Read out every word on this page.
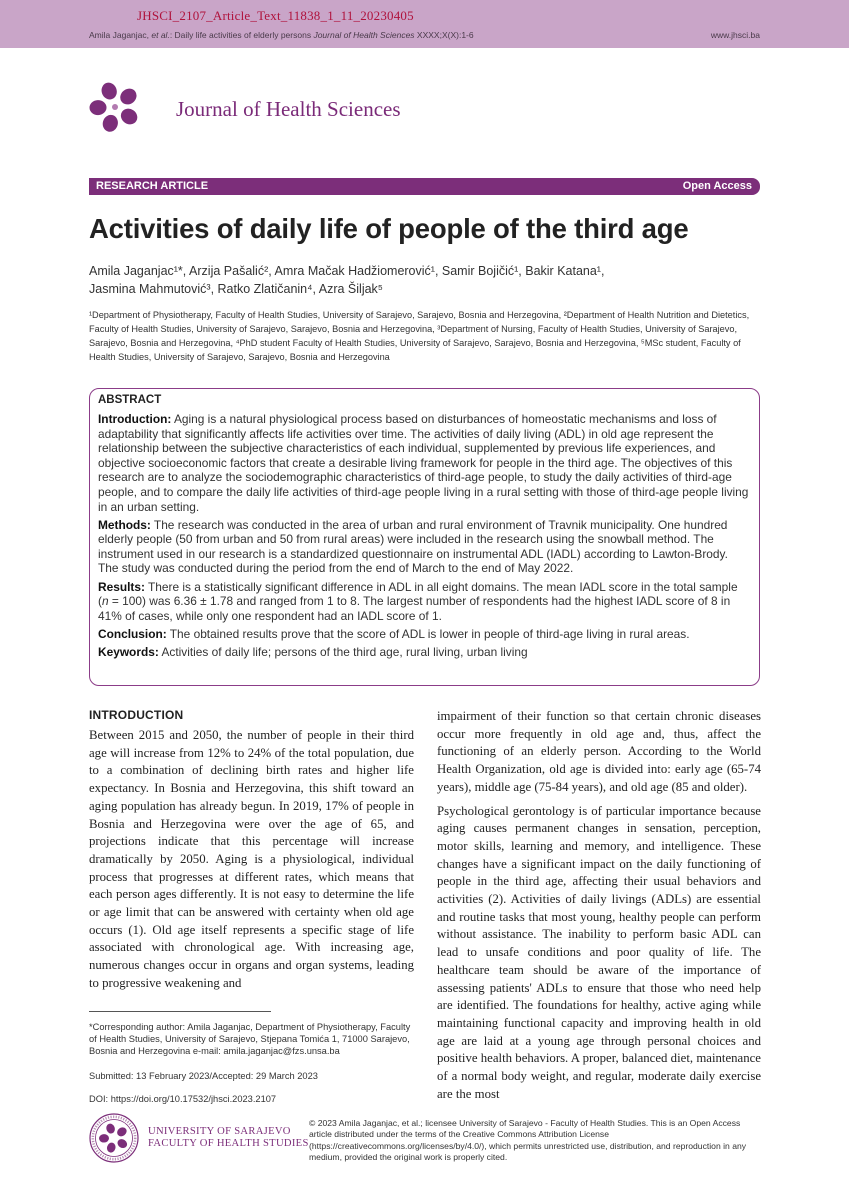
JHSCI_2107_Article_Text_11838_1_11_20230405
Amila Jaganjac, et al.: Daily life activities of elderly persons Journal of Health Sciences XXXX;X(X):1-6	www.jhsci.ba
Journal of Health Sciences
RESEARCH ARTICLE	Open Access
Activities of daily life of people of the third age
Amila Jaganjac¹*, Arzija Pašalić², Amra Mačak Hadžiomerović¹, Samir Bojičić¹, Bakir Katana¹,
Jasmina Mahmutović³, Ratko Zlatičanin⁴, Azra Šiljak⁵
¹Department of Physiotherapy, Faculty of Health Studies, University of Sarajevo, Sarajevo, Bosnia and Herzegovina, ²Department of Health Nutrition and Dietetics, Faculty of Health Studies, University of Sarajevo, Sarajevo, Bosnia and Herzegovina, ³Department of Nursing, Faculty of Health Studies, University of Sarajevo, Sarajevo, Bosnia and Herzegovina, ⁴PhD student Faculty of Health Studies, University of Sarajevo, Sarajevo, Bosnia and Herzegovina, ⁵MSc student, Faculty of Health Studies, University of Sarajevo, Sarajevo, Bosnia and Herzegovina
ABSTRACT

Introduction: Aging is a natural physiological process based on disturbances of homeostatic mechanisms and loss of adaptability that significantly affects life activities over time. The activities of daily living (ADL) in old age represent the relationship between the subjective characteristics of each individual, supplemented by previous life experiences, and objective socioeconomic factors that create a desirable living framework for people in the third age. The objectives of this research are to analyze the sociodemographic characteristics of third-age people, to study the daily activities of third-age people, and to compare the daily life activities of third-age people living in a rural setting with those of third-age people living in an urban setting.

Methods: The research was conducted in the area of urban and rural environment of Travnik municipality. One hundred elderly people (50 from urban and 50 from rural areas) were included in the research using the snowball method. The instrument used in our research is a standardized questionnaire on instrumental ADL (IADL) according to Lawton-Brody. The study was conducted during the period from the end of March to the end of May 2022.

Results: There is a statistically significant difference in ADL in all eight domains. The mean IADL score in the total sample (n = 100) was 6.36 ± 1.78 and ranged from 1 to 8. The largest number of respondents had the highest IADL score of 8 in 41% of cases, while only one respondent had an IADL score of 1.

Conclusion: The obtained results prove that the score of ADL is lower in people of third-age living in rural areas.

Keywords: Activities of daily life; persons of the third age, rural living, urban living

INTRODUCTION

Between 2015 and 2050, the number of people in their third age will increase from 12% to 24% of the total population, due to a combination of declining birth rates and higher life expectancy. In Bosnia and Herzegovina, this shift toward an aging population has already begun. In 2019, 17% of people in Bosnia and Herzegovina were over the age of 65, and projections indicate that this percentage will increase dramatically by 2050. Aging is a physiological, individual process that progresses at different rates, which means that each person ages differently. It is not easy to determine the life or age limit that can be answered with certainty when old age occurs (1). Old age itself represents a specific stage of life associated with chronological age. With increasing age, numerous changes occur in organs and organ systems, leading to progressive weakening and

impairment of their function so that certain chronic diseases occur more frequently in old age and, thus, affect the functioning of an elderly person. According to the World Health Organization, old age is divided into: early age (65-74 years), middle age (75-84 years), and old age (85 and older).

Psychological gerontology is of particular importance because aging causes permanent changes in sensation, perception, motor skills, learning and memory, and intelligence. These changes have a significant impact on the daily functioning of people in the third age, affecting their usual behaviors and activities (2). Activities of daily livings (ADLs) are essential and routine tasks that most young, healthy people can perform without assistance. The inability to perform basic ADL can lead to unsafe conditions and poor quality of life. The healthcare team should be aware of the importance of assessing patients' ADLs to ensure that those who need help are identified. The foundations for healthy, active aging while maintaining functional capacity and improving health in old age are laid at a young age through personal choices and positive health behaviors. A proper, balanced diet, maintenance of a normal body weight, and regular, moderate daily exercise are the most

*Corresponding author: Amila Jaganjac, Department of Physiotherapy, Faculty of Health Studies, University of Sarajevo, Stjepana Tomića 1, 71000 Sarajevo, Bosnia and Herzegovina e-mail: amila.jaganjac@fzs.unsa.ba
Submitted: 13 February 2023/Accepted: 29 March 2023
DOI: https://doi.org/10.17532/jhsci.2023.2107
UNIVERSITY OF SARAJEVO
FACULTY OF HEALTH STUDIES
© 2023 Amila Jaganjac, et al.; licensee University of Sarajevo - Faculty of Health Studies. This is an Open Access article distributed under the terms of the Creative Commons Attribution License (https://creativecommons.org/licenses/by/4.0/), which permits unrestricted use, distribution, and reproduction in any medium, provided the original work is properly cited.
